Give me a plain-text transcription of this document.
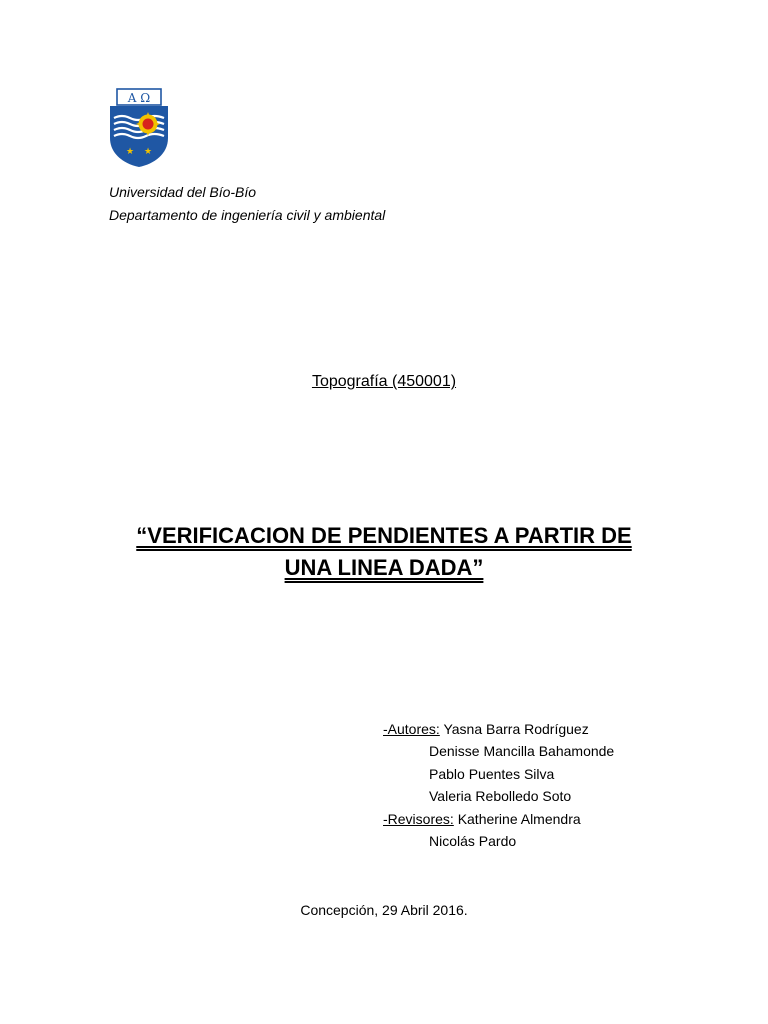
A Ω
★ ★
Universidad del Bío-Bío
Departamento de ingeniería civil y ambiental
Topografía (450001)
“VERIFICACION DE PENDIENTES A PARTIR DE
UNA LINEA DADA”
-Autores: Yasna Barra Rodríguez
Denisse Mancilla Bahamonde
Pablo Puentes Silva
Valeria Rebolledo Soto
-Revisores: Katherine Almendra
Nicolás Pardo
Concepción, 29 Abril 2016.
